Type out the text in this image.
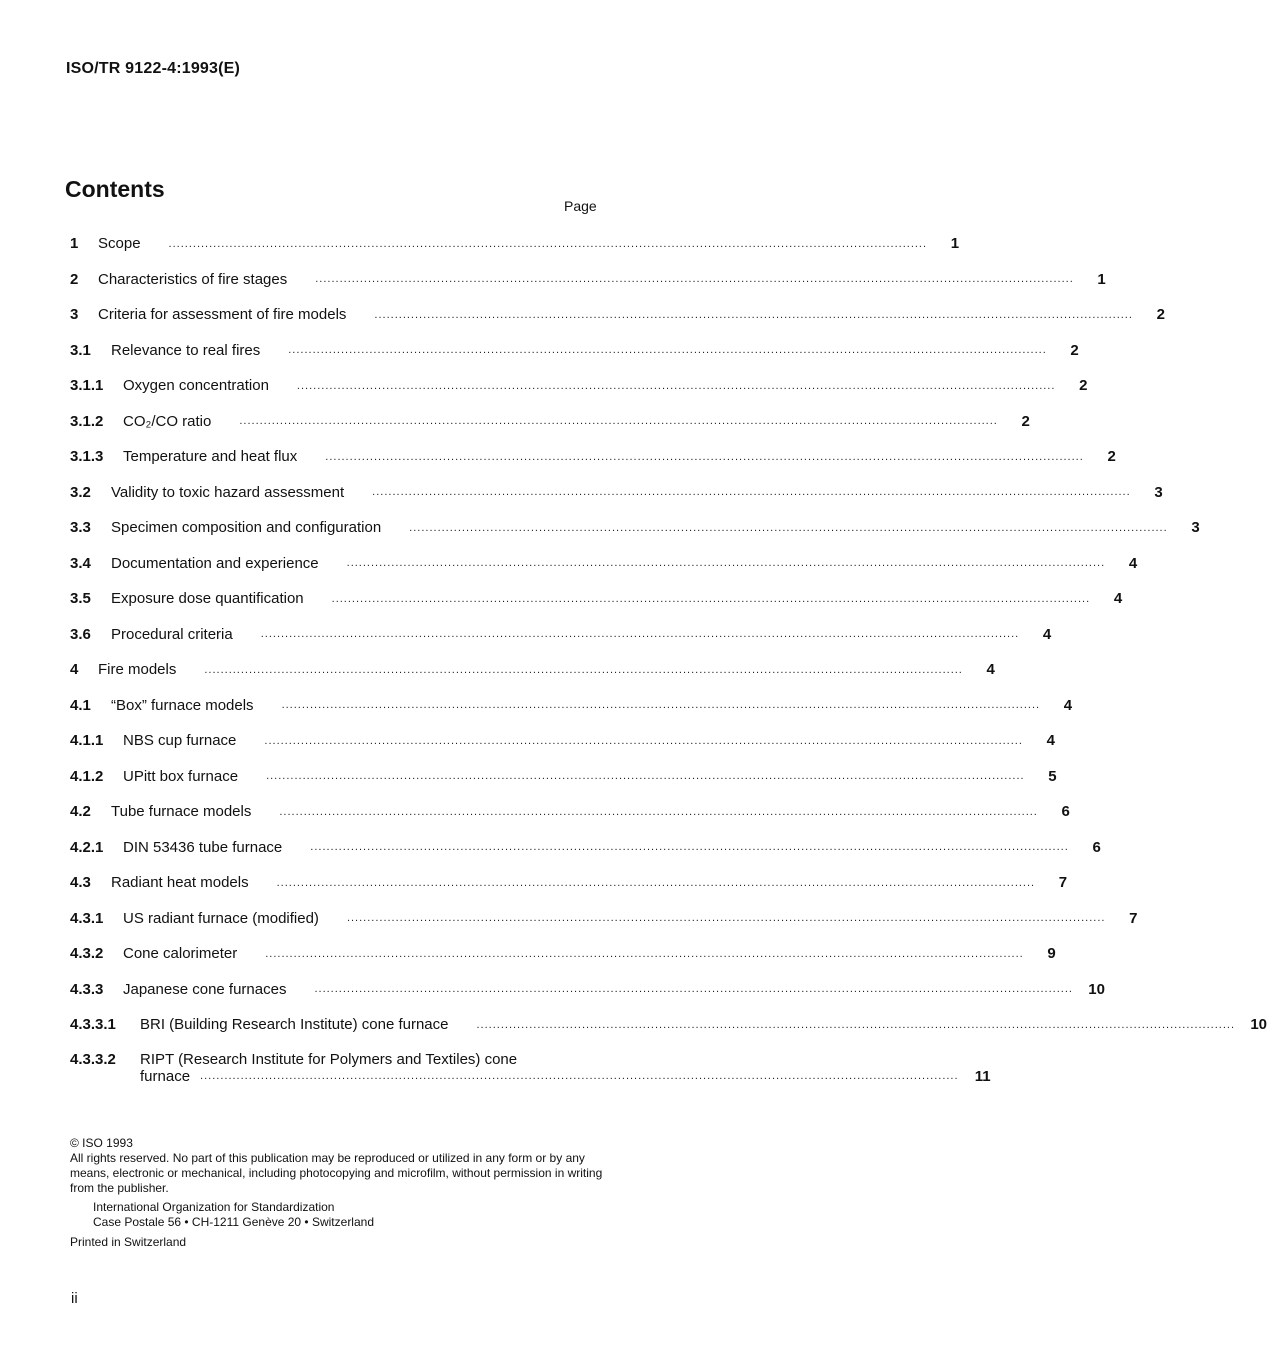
ISO/TR 9122-4:1993(E)
Contents
Page
1	Scope .....	1
2	Characteristics of fire stages .....	1
3	Criteria for assessment of fire models .....	2
3.1	Relevance to real fires .....	2
3.1.1	Oxygen concentration .....	2
3.1.2	CO₂/CO ratio .....	2
3.1.3	Temperature and heat flux .....	2
3.2	Validity to toxic hazard assessment .....	3
3.3	Specimen composition and configuration .....	3
3.4	Documentation and experience .....	4
3.5	Exposure dose quantification .....	4
3.6	Procedural criteria .....	4
4	Fire models .....	4
4.1	“Box” furnace models .....	4
4.1.1	NBS cup furnace .....	4
4.1.2	UPitt box furnace .....	5
4.2	Tube furnace models .....	6
4.2.1	DIN 53436 tube furnace .....	6
4.3	Radiant heat models .....	7
4.3.1	US radiant furnace (modified) .....	7
4.3.2	Cone calorimeter .....	9
4.3.3	Japanese cone furnaces .....	10
4.3.3.1	BRI (Building Research Institute) cone furnace .....	10
4.3.3.2	RIPT (Research Institute for Polymers and Textiles) cone
furnace .....	11
© ISO 1993
All rights reserved. No part of this publication may be reproduced or utilized in any form or by any means, electronic or mechanical, including photocopying and microfilm, without permission in writing from the publisher.
International Organization for Standardization
Case Postale 56 • CH-1211 Genève 20 • Switzerland
Printed in Switzerland
ii
